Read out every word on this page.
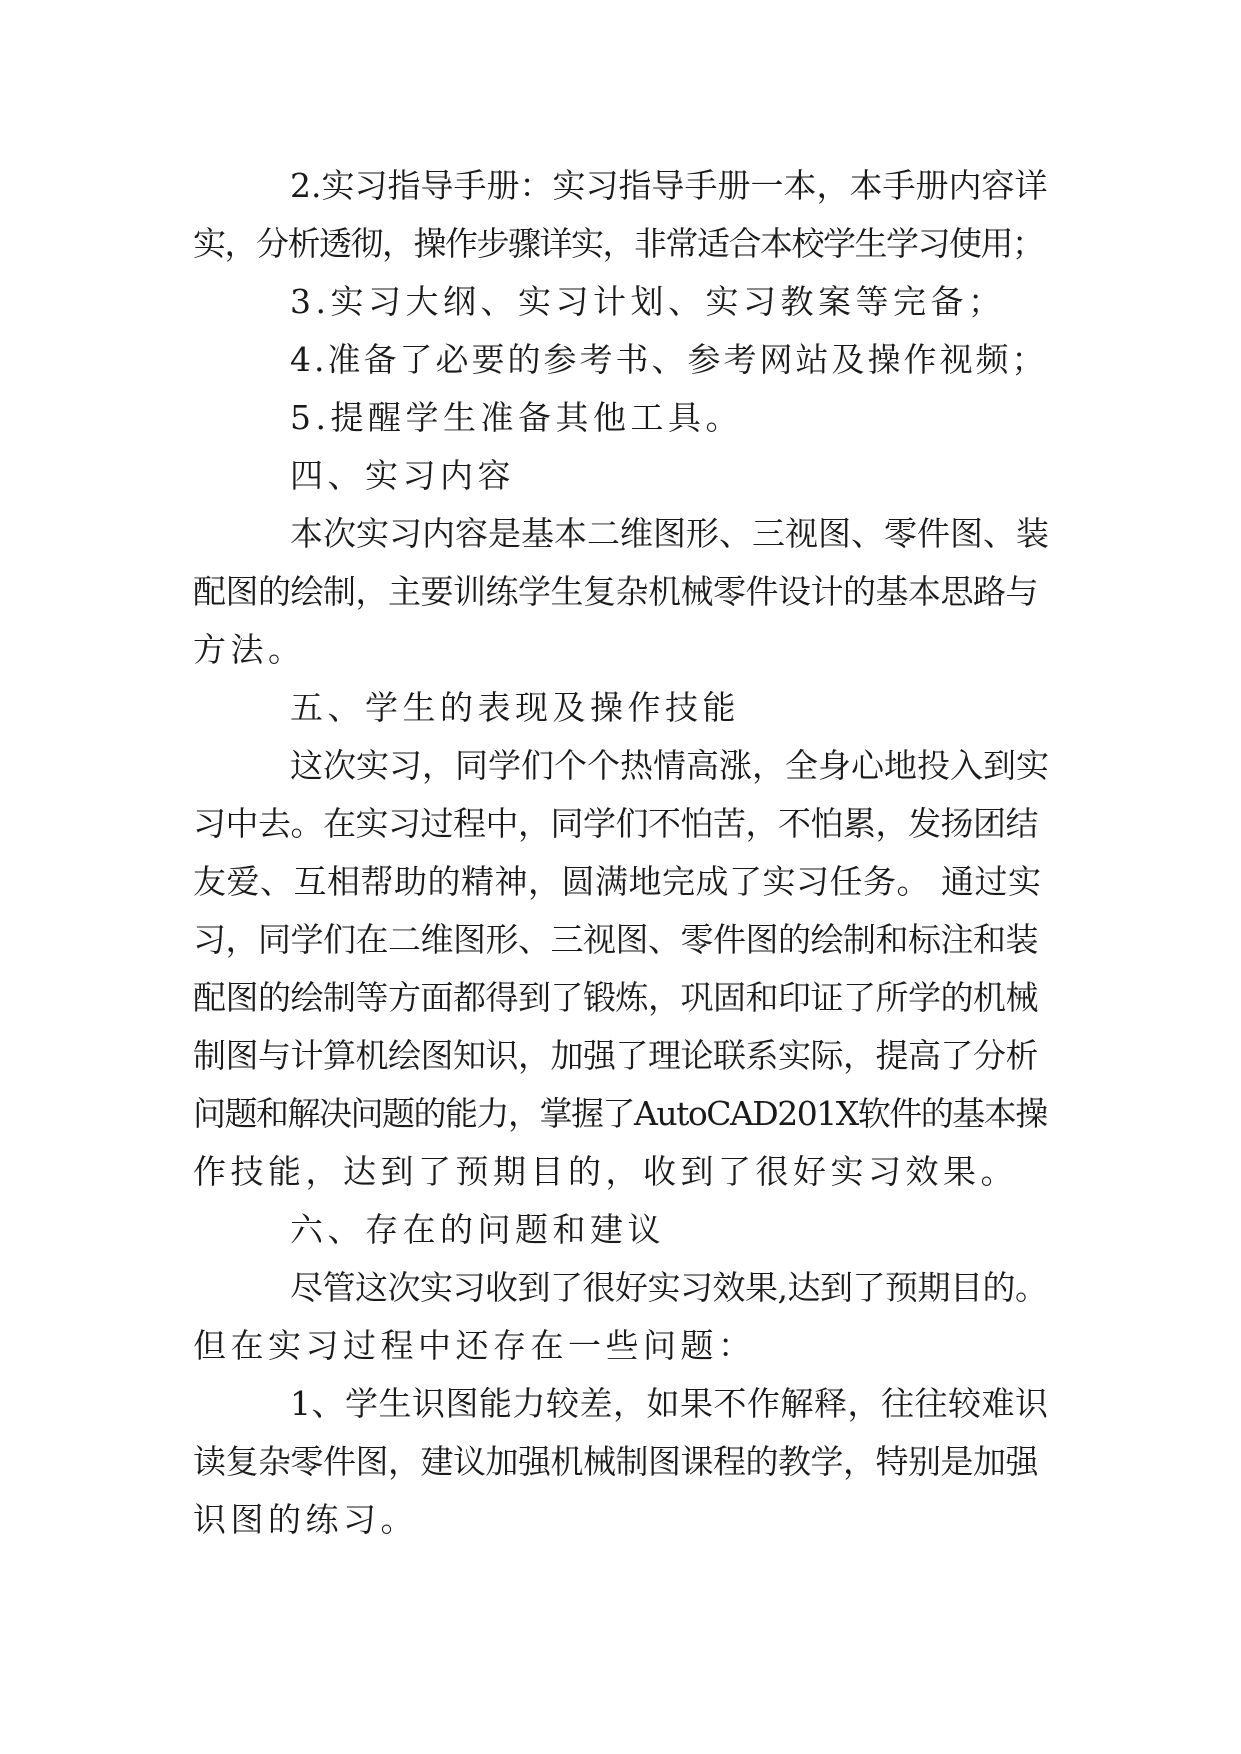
2.实习指导手册：实习指导手册一本，本手册内容详
实，分析透彻，操作步骤详实，非常适合本校学生学习使用；
3.实习大纲、实习计划、实习教案等完备；
4.准备了必要的参考书、参考网站及操作视频；
5.提醒学生准备其他工具。
四、实习内容
本次实习内容是基本二维图形、三视图、零件图、装
配图的绘制，主要训练学生复杂机械零件设计的基本思路与
方法。
五、学生的表现及操作技能
这次实习，同学们个个热情高涨，全身心地投入到实
习中去。在实习过程中，同学们不怕苦，不怕累，发扬团结
友爱、互相帮助的精神，圆满地完成了实习任务。 通过实
习，同学们在二维图形、三视图、零件图的绘制和标注和装
配图的绘制等方面都得到了锻炼，巩固和印证了所学的机械
制图与计算机绘图知识，加强了理论联系实际，提高了分析
问题和解决问题的能力，掌握了AutoCAD201X软件的基本操
作技能，达到了预期目的，收到了很好实习效果。
六、存在的问题和建议
尽管这次实习收到了很好实习效果,达到了预期目的。
但在实习过程中还存在一些问题：
1、学生识图能力较差，如果不作解释，往往较难识
读复杂零件图，建议加强机械制图课程的教学，特别是加强
识图的练习。
